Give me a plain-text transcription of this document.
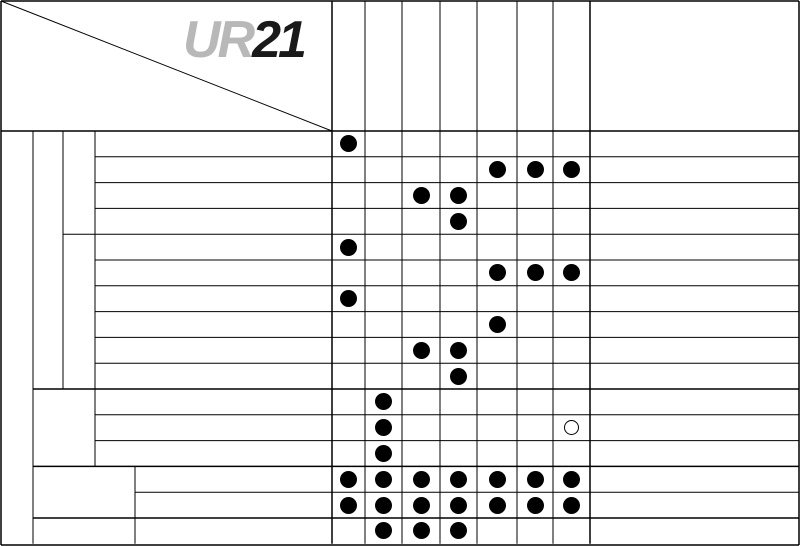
UR21
